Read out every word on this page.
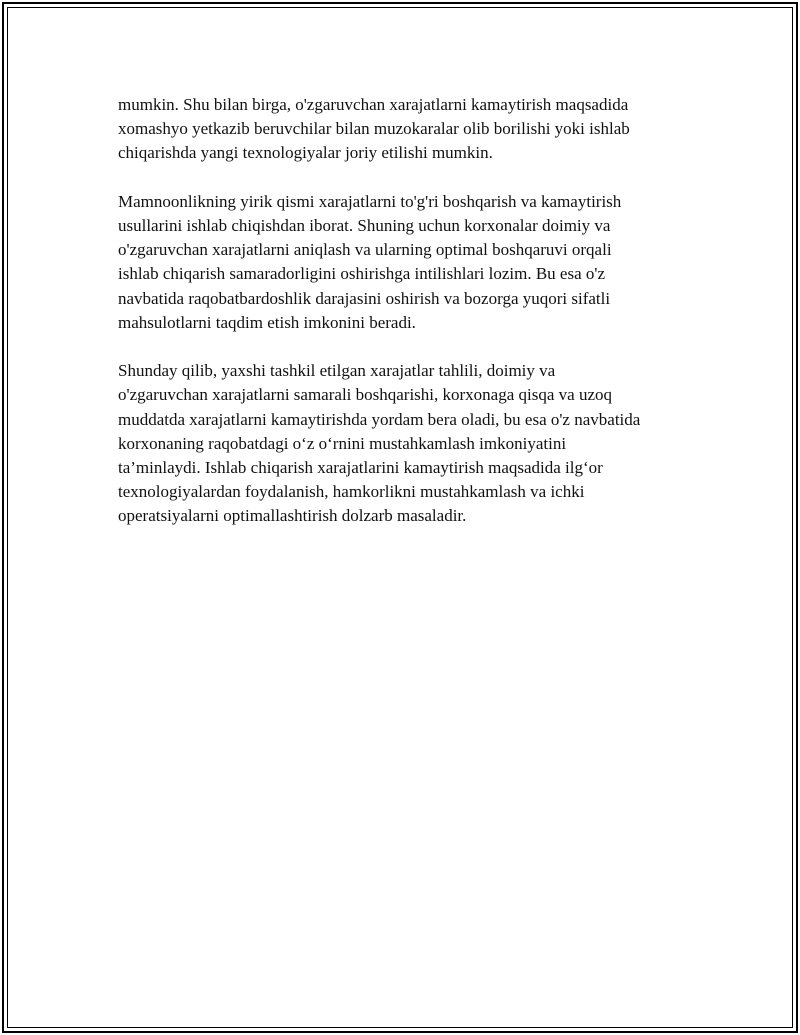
mumkin. Shu bilan birga, o'zgaruvchan xarajatlarni kamaytirish maqsadida
xomashyo yetkazib beruvchilar bilan muzokaralar olib borilishi yoki ishlab
chiqarishda yangi texnologiyalar joriy etilishi mumkin.

Mamnoonlikning yirik qismi xarajatlarni to'g'ri boshqarish va kamaytirish
usullarini ishlab chiqishdan iborat. Shuning uchun korxonalar doimiy va
o'zgaruvchan xarajatlarni aniqlash va ularning optimal boshqaruvi orqali
ishlab chiqarish samaradorligini oshirishga intilishlari lozim. Bu esa o'z
navbatida raqobatbardoshlik darajasini oshirish va bozorga yuqori sifatli
mahsulotlarni taqdim etish imkonini beradi.

Shunday qilib, yaxshi tashkil etilgan xarajatlar tahlili, doimiy va
o'zgaruvchan xarajatlarni samarali boshqarishi, korxonaga qisqa va uzoq
muddatda xarajatlarni kamaytirishda yordam bera oladi, bu esa o'z navbatida
korxonaning raqobatdagi o‘z o‘rnini mustahkamlash imkoniyatini
ta’minlaydi. Ishlab chiqarish xarajatlarini kamaytirish maqsadida ilg‘or
texnologiyalardan foydalanish, hamkorlikni mustahkamlash va ichki
operatsiyalarni optimallashtirish dolzarb masaladir.
